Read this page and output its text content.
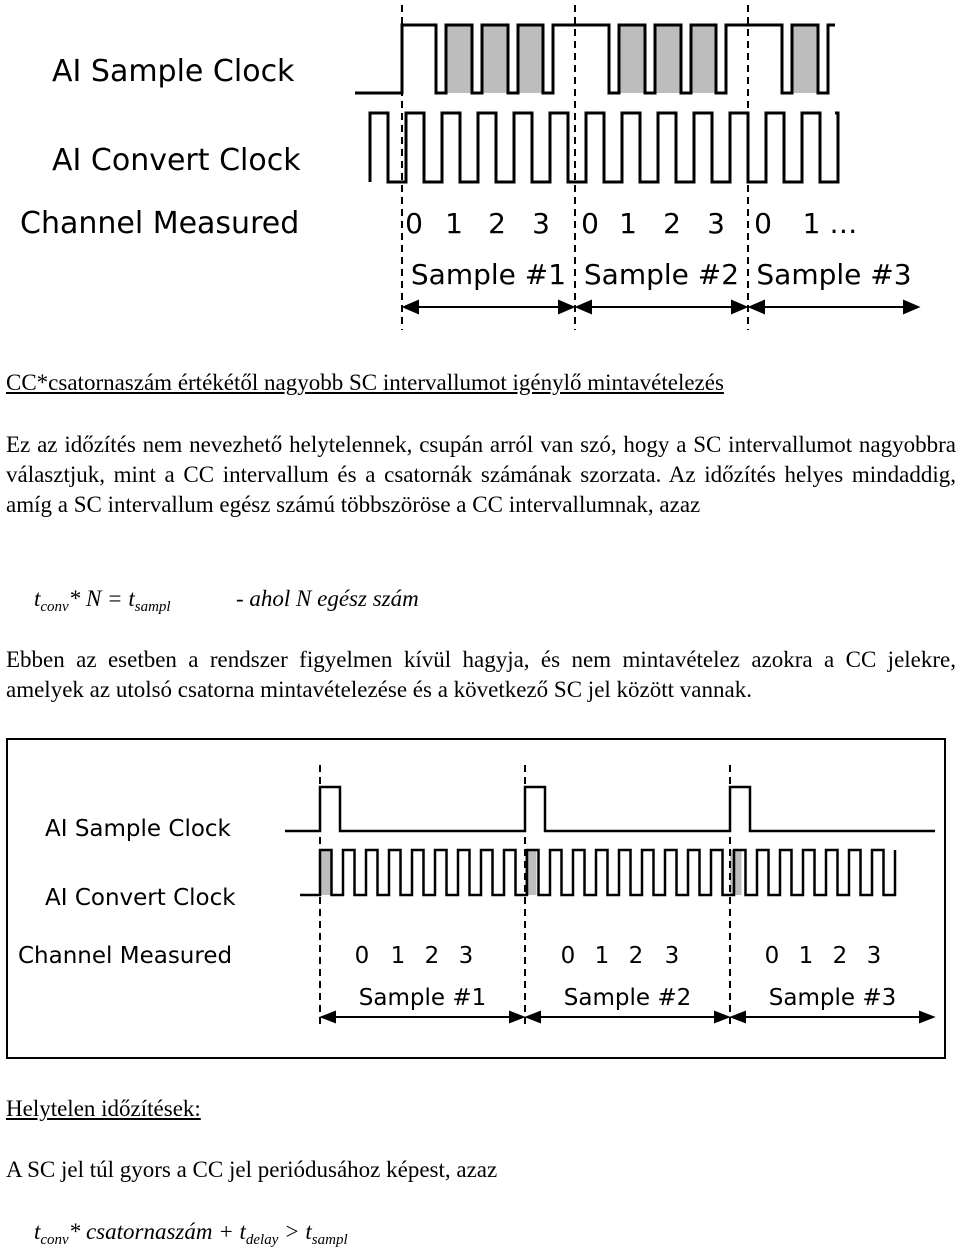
AI Sample Clock
AI Convert Clock
Channel Measured	0 1 2 3 0 1 2 3 0 1 …
Sample #1 Sample #2 Sample #3

CC*csatornaszám értékétől nagyobb SC intervallumot igénylő mintavételezés

Ez az időzítés nem nevezhető helytelennek, csupán arról van szó, hogy a SC intervallumot nagyobbra választjuk, mint a CC intervallum és a csatornák számának szorzata. Az időzítés helyes mindaddig, amíg a SC intervallum egész számú többszöröse a CC intervallumnak, azaz

$t_{conv}*$ $N = t_{sampl}$	- ahol N egész szám

Ebben az esetben a rendszer figyelmen kívül hagyja, és nem mintavételez azokra a CC jelekre, amelyek az utolsó csatorna mintavételezése és a következő SC jel között vannak.

AI Sample Clock
AI Convert Clock
Channel Measured	0 1 2 3	0 1 2 3	0 1 2 3
Sample #1	Sample #2	Sample #3

Helytelen időzítések:

A SC jel túl gyors a CC jel periódusához képest, azaz

$t_{conv}*$ csatornaszám + $t_{delay} > t_{sampl}$
